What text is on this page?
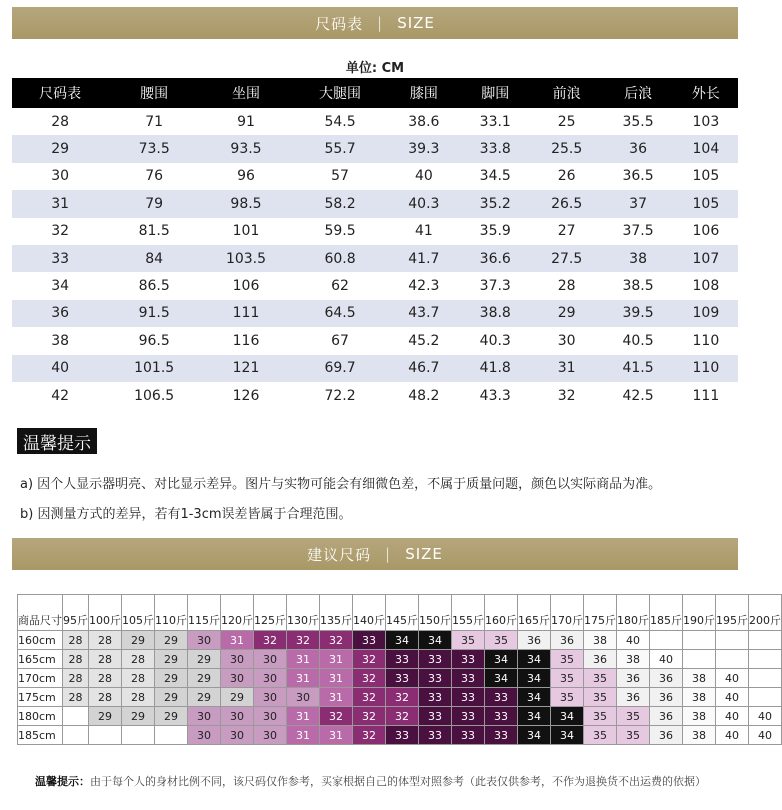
尺码表 | SIZE
单位: CM
尺码表	腰围	坐围	大腿围	膝围	脚围	前浪	后浪	外长
28	71	91	54.5	38.6	33.1	25	35.5	103
29	73.5	93.5	55.7	39.3	33.8	25.5	36	104
30	76	96	57	40	34.5	26	36.5	105
31	79	98.5	58.2	40.3	35.2	26.5	37	105
32	81.5	101	59.5	41	35.9	27	37.5	106
33	84	103.5	60.8	41.7	36.6	27.5	38	107
34	86.5	106	62	42.3	37.3	28	38.5	108
36	91.5	111	64.5	43.7	38.8	29	39.5	109
38	96.5	116	67	45.2	40.3	30	40.5	110
40	101.5	121	69.7	46.7	41.8	31	41.5	110
42	106.5	126	72.2	48.2	43.3	32	42.5	111
温馨提示
a) 因个人显示器明亮、对比显示差异。图片与实物可能会有细微色差，不属于质量问题，颜色以实际商品为准。
b) 因测量方式的差异，若有1-3cm误差皆属于合理范围。
建议尺码 | SIZE
商品尺寸	95斤	100斤	105斤	110斤	115斤	120斤	125斤	130斤	135斤	140斤	145斤	150斤	155斤	160斤	165斤	170斤	175斤	180斤	185斤	190斤	195斤	200斤
160cm	28	28	29	29	30	31	32	32	32	33	34	34	35	35	36	36	38	40				
165cm	28	28	28	29	29	30	30	31	31	32	33	33	33	34	34	35	36	38	40			
170cm	28	28	28	29	29	30	30	31	31	32	33	33	33	34	34	35	35	36	36	38	40	
175cm	28	28	28	29	29	29	30	30	31	32	32	33	33	33	34	35	35	36	36	38	40	
180cm		29	29	29	30	30	30	31	32	32	32	33	33	33	34	34	35	35	36	38	40	40
185cm					30	30	30	31	31	32	33	33	33	33	34	34	35	35	36	38	40	40
温馨提示：由于每个人的身材比例不同，该尺码仅作参考，买家根据自己的体型对照参考（此表仅供参考，不作为退换货不出运费的依据）
